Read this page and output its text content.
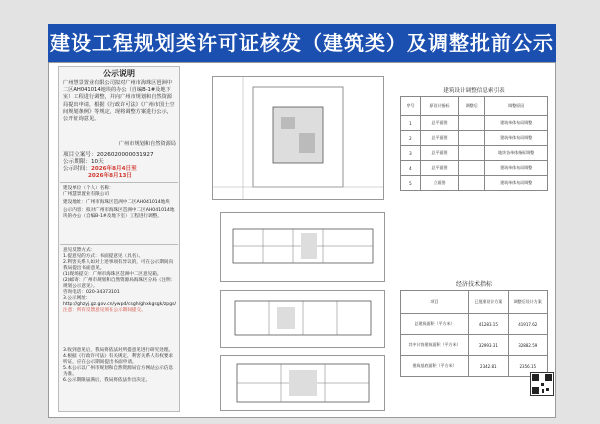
建设工程规划类许可证核发（建筑类）及调整批前公示
公示说明
广州慧景置业有限公司拟对广州市海珠区琶洲中二区AH041014地块的办公（自编B-1#及地下室）工程进行调整，并向广州市规划和自然资源局提出申请，根据《行政许可法》《广州市国土空间规划条例》等规定，现将调整方案进行公示，公开征询意见。
广州市规划和自然资源局
项目立案号：2026020000031927
公示期限：10天
公示时间：2026年8月4日至
2026年8月13日
建设单位（个人）名称：
广州慧景置业有限公司
建设地址：广州市海珠区琶洲中二区AH041014地块
公示内容：拟对广州市海珠区琶洲中二区AH041014地块的办公（自编B-1#及地下室）工程进行调整。
意见反馈方式：
1.提意见的方式：书面提意见（具名）。
2.利害关系人如对上述事项有异议的，可在公示期间向我局提出书面意见。
(1)现场提交：广州市海珠区琶洲中二区意见箱。
(2)邮寄：广州市规划和自然资源局海珠区分局（注明：规划公示意见）。
咨询电话：020-34373101
3.公示网址：http://ghzyj.gz.gov.cn/ywpd/csgh/ghxkgsgk/zpgs/
注意：所有反馈意见须在公示期间提交。
3.收到意见后，我局将依法对所提意见进行研究处理。
4.根据《行政许可法》有关规定，利害关系人有权要求听证，应在公示期间提出书面申请。
5.本公示以广州市规划和自然资源局官方网站公示信息为准。
6.公示期限届满后，我局将依法作出决定。
建筑设计调整信息索引表
序号	原设计指标	调整后	调整原因
1	总平面图		建筑单体布局调整
2	总平面图		建筑单体布局调整
3	总平面图		地块各单体指标调整
4	总平面图		建筑单体布局调整
5	立面图		建筑单体布局调整
经济技术指标
项目	已批准设计方案	调整后设计方案
总建筑面积（平方米）	41283.15	41917.62
其中计容建筑面积（平方米）	32993.31	32882.59
建筑基底面积（平方米）	2342.81	2356.15
